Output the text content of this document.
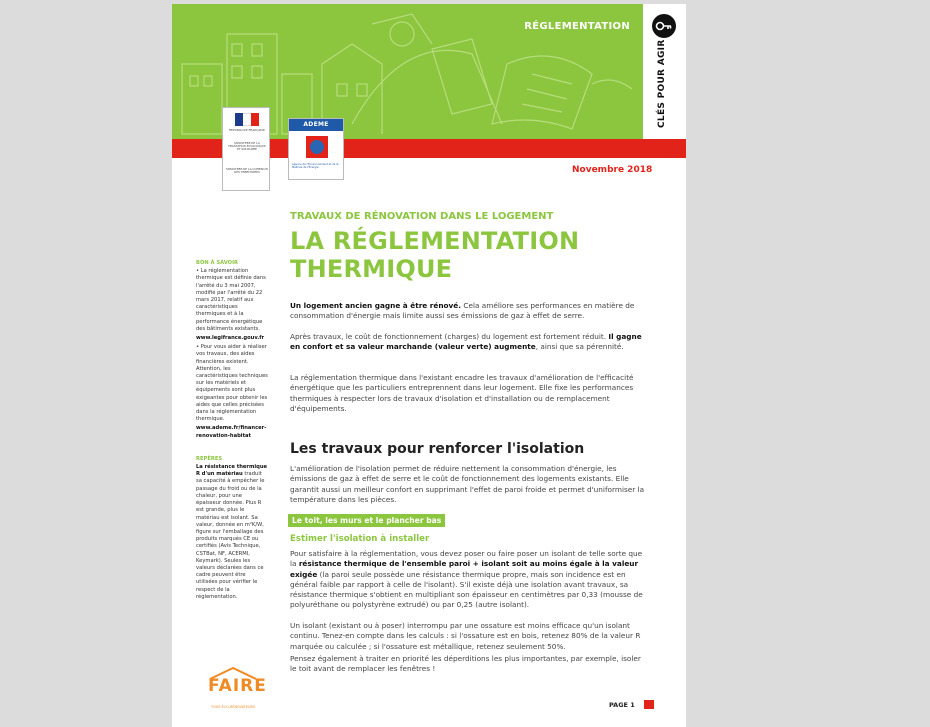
RÉGLEMENTATION
CLÉS POUR AGIR
RÉPUBLIQUE FRANÇAISE
MINISTÈRE DE LA TRANSITION ÉCOLOGIQUE ET SOLIDAIRE
MINISTÈRE DE LA COHÉSION DES TERRITOIRES
ADEME
Agence de l'Environnement et de la Maîtrise de l'Énergie	Novembre 2018
TRAVAUX DE RÉNOVATION DANS LE LOGEMENT
LA RÉGLEMENTATION THERMIQUE
BON À SAVOIR

• La réglementation thermique est définie dans l'arrêté du 3 mai 2007, modifié par l'arrêté du 22 mars 2017, relatif aux caractéristiques thermiques et à la performance énergétique des bâtiments existants.

www.legifrance.gouv.fr

• Pour vous aider à réaliser vos travaux, des aides financières existent. Attention, les caractéristiques techniques sur les matériels et équipements sont plus exigeantes pour obtenir les aides que celles précisées dans la réglementation thermique.

www.ademe.fr/financer-renovation-habitat

REPÈRES

La résistance thermique R d'un matériau traduit sa capacité à empêcher le passage du froid ou de la chaleur, pour une épaisseur donnée. Plus R est grande, plus le matériau est isolant. Sa valeur, donnée en m²K/W, figure sur l'emballage des produits marqués CE ou certifiés (Avis Technique, CSTBat, NF, ACERMI, Keymark). Seules les valeurs déclarées dans ce cadre peuvent être utilisées pour vérifier le respect de la réglementation.

FAIRE
TOUS ÉCO-RÉNOVATEURS
Un logement ancien gagne à être rénové. Cela améliore ses performances en matière de consommation d'énergie mais limite aussi ses émissions de gaz à effet de serre.
Après travaux, le coût de fonctionnement (charges) du logement est fortement réduit. Il gagne en confort et sa valeur marchande (valeur verte) augmente, ainsi que sa pérennité.
La réglementation thermique dans l'existant encadre les travaux d'amélioration de l'efficacité énergétique que les particuliers entreprennent dans leur logement. Elle fixe les performances thermiques à respecter lors de travaux d'isolation et d'installation ou de remplacement d'équipements.
Les travaux pour renforcer l'isolation
L'amélioration de l'isolation permet de réduire nettement la consommation d'énergie, les émissions de gaz à effet de serre et le coût de fonctionnement des logements existants. Elle garantit aussi un meilleur confort en supprimant l'effet de paroi froide et permet d'uniformiser la température dans les pièces.
Le toit, les murs et le plancher bas
Estimer l'isolation à installer
Pour satisfaire à la réglementation, vous devez poser ou faire poser un isolant de telle sorte que la résistance thermique de l'ensemble paroi + isolant soit au moins égale à la valeur exigée (la paroi seule possède une résistance thermique propre, mais son incidence est en général faible par rapport à celle de l'isolant). S'il existe déjà une isolation avant travaux, sa résistance thermique s'obtient en multipliant son épaisseur en centimètres par 0,33 (mousse de polyuréthane ou polystyrène extrudé) ou par 0,25 (autre isolant).
Un isolant (existant ou à poser) interrompu par une ossature est moins efficace qu'un isolant continu. Tenez-en compte dans les calculs : si l'ossature est en bois, retenez 80% de la valeur R marquée ou calculée ; si l'ossature est métallique, retenez seulement 50%.
Pensez également à traiter en priorité les déperditions les plus importantes, par exemple, isoler le toit avant de remplacer les fenêtres !
PAGE 1
